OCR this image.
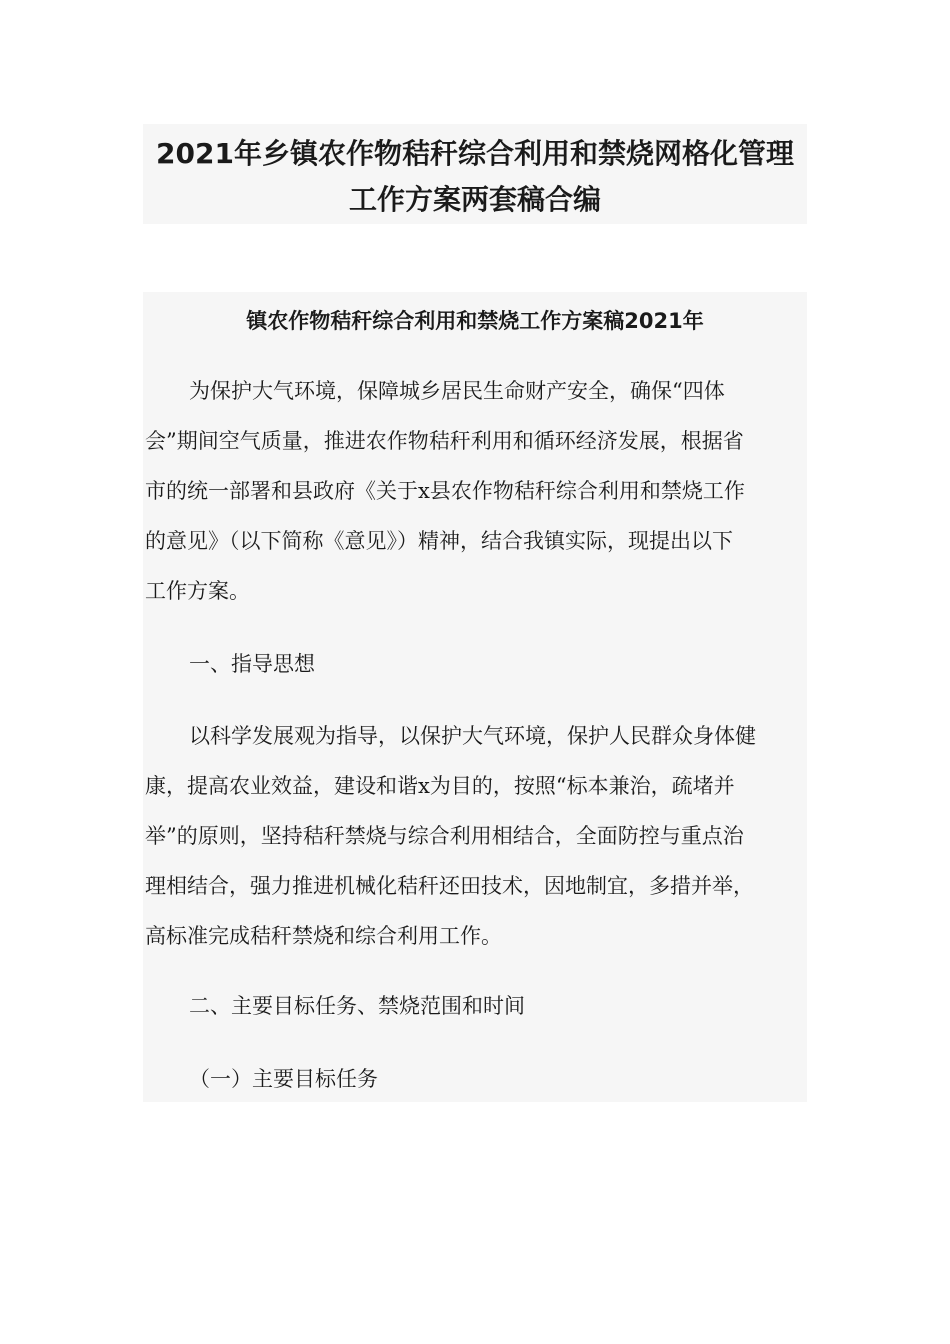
2021年乡镇农作物秸秆综合利用和禁烧网格化管理
工作方案两套稿合编
镇农作物秸秆综合利用和禁烧工作方案稿2021年
为保护大气环境，保障城乡居民生命财产安全，确保“四体
会”期间空气质量，推进农作物秸秆利用和循环经济发展，根据省
市的统一部署和县政府《关于x县农作物秸秆综合利用和禁烧工作
的意见》（以下简称《意见》）精神，结合我镇实际，现提出以下
工作方案。
一、指导思想
以科学发展观为指导，以保护大气环境，保护人民群众身体健
康，提高农业效益，建设和谐x为目的，按照“标本兼治，疏堵并
举”的原则，坚持秸秆禁烧与综合利用相结合，全面防控与重点治
理相结合，强力推进机械化秸秆还田技术，因地制宜，多措并举，
高标准完成秸秆禁烧和综合利用工作。
二、主要目标任务、禁烧范围和时间
（一）主要目标任务
